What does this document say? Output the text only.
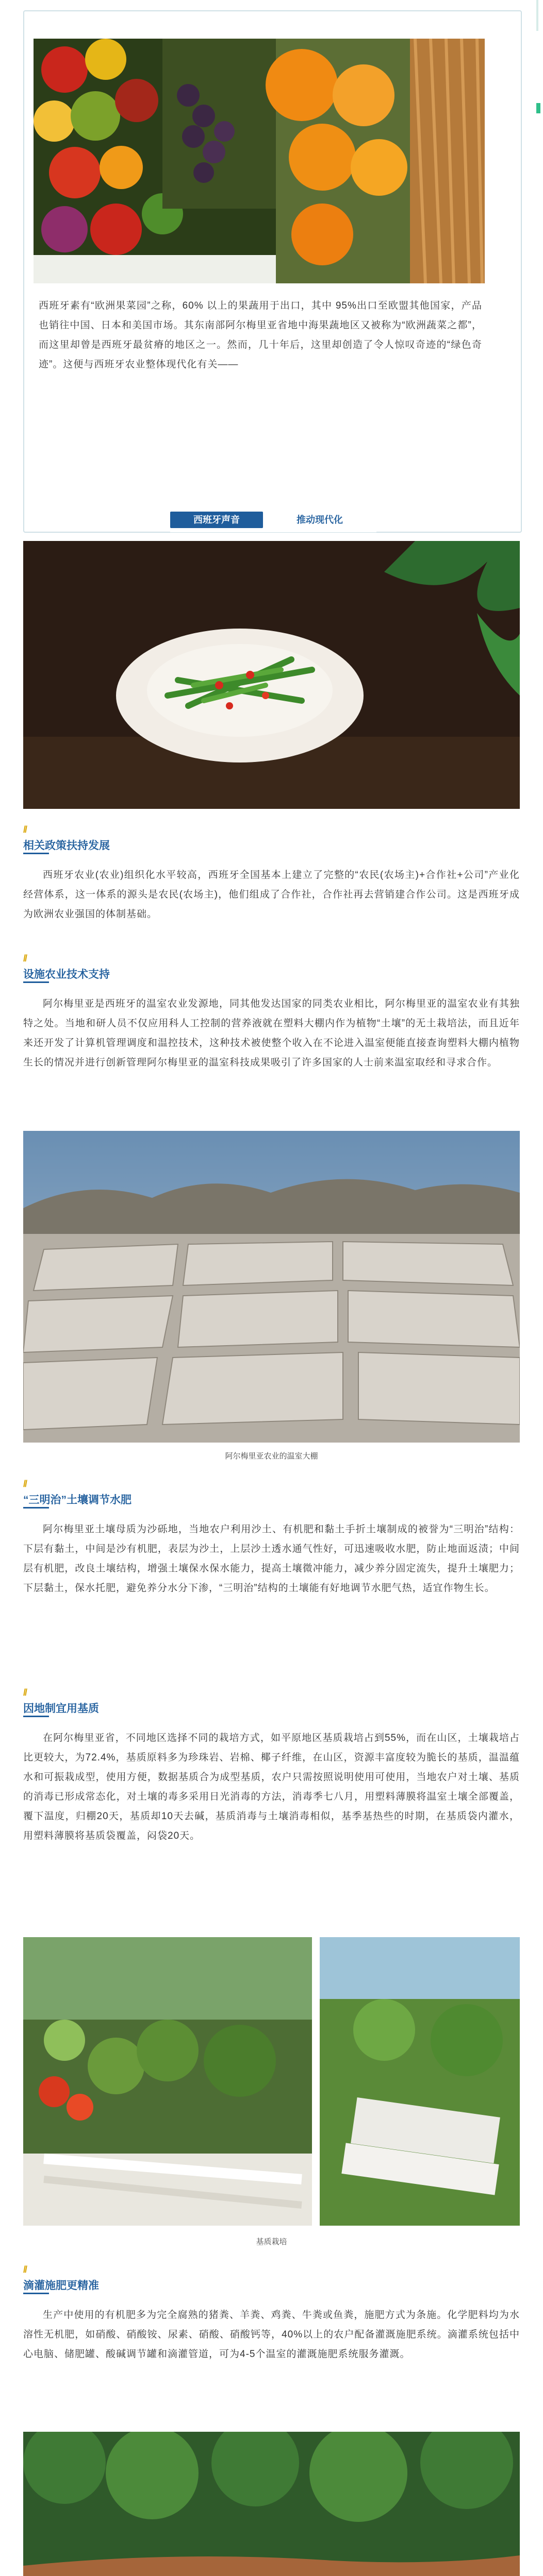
西班牙素有“欧洲果菜园”之称，60% 以上的果蔬用于出口，其中 95%出口至欧盟其他国家，产品也销往中国、日本和美国市场。其东南部阿尔梅里亚省地中海果蔬地区又被称为“欧洲蔬菜之都”，而这里却曾是西班牙最贫瘠的地区之一。然而，几十年后，这里却创造了令人惊叹奇迹的“绿色奇迹”。这便与西班牙农业整体现代化有关——
西班牙声音	推动现代化
//
相关政策扶持发展

西班牙农业(农业)组织化水平较高，西班牙全国基本上建立了完整的“农民(农场主)+合作社+公司”产业化经营体系，这一体系的源头是农民(农场主)，他们组成了合作社，合作社再去营销建合作公司。这是西班牙成为欧洲农业强国的体制基础。

//
设施农业技术支持

阿尔梅里亚是西班牙的温室农业发源地，同其他发达国家的同类农业相比，阿尔梅里亚的温室农业有其独特之处。当地和研人员不仅应用科人工控制的营养液就在塑料大棚内作为植物“土壤”的无土栽培法，而且近年来还开发了计算机管理调度和温控技术，这种技术被使整个收入在不论进入温室便能直接查询塑料大棚内植物生长的情况并进行创新管理阿尔梅里亚的温室科技成果吸引了许多国家的人士前来温室取经和寻求合作。

阿尔梅里亚农业的温室大棚
//
“三明治”土壤调节水肥

阿尔梅里亚土壤母质为沙砾地，当地农户利用沙土、有机肥和黏土手折土壤制成的被誉为“三明治”结构：下层有黏土，中间是沙有机肥，表层为沙土，上层沙土透水通气性好，可迅速吸收水肥，防止地面返渍；中间层有机肥，改良土壤结构，增强土壤保水保水能力，提高土壤微冲能力，减少养分固定流失，提升土壤肥力；下层黏土，保水托肥，避免养分水分下渗，“三明治”结构的土壤能有好地调节水肥气热，适宜作物生长。

//
因地制宜用基质

在阿尔梅里亚省，不同地区选择不同的栽培方式，如平原地区基质栽培占到55%，而在山区，土壤栽培占比更较大，为72.4%，基质原料多为珍珠岩、岩棉、椰子纤维，在山区，资源丰富度较为脆长的基质，温温蕴水和可振栽成型，使用方便，数据基质合为成型基质，农户只需按照说明使用可使用，当地农户对土壤、基质的消毒已形成常态化，对土壤的毒多采用日光消毒的方法，消毒季七八月，用塑料薄膜将温室土壤全部覆盖，覆下温度，归棚20天，基质却10天去碱，基质消毒与土壤消毒相似，基季基热些的时期，在基质袋内灌水，用塑料薄膜将基质袋覆盖，闷袋20天。

基质栽培
//
滴灌施肥更精准

生产中使用的有机肥多为完全腐熟的猪粪、羊粪、鸡粪、牛粪或鱼粪，施肥方式为条施。化学肥料均为水溶性无机肥，如硝酸、硝酸铵、尿素、硝酸、硝酸钙等，40%以上的农户配备灌溉施肥系统。滴灌系统包括中心电脑、储肥罐、酸碱调节罐和滴灌管道，可为4-5个温室的灌溉施肥系统服务灌溉。
